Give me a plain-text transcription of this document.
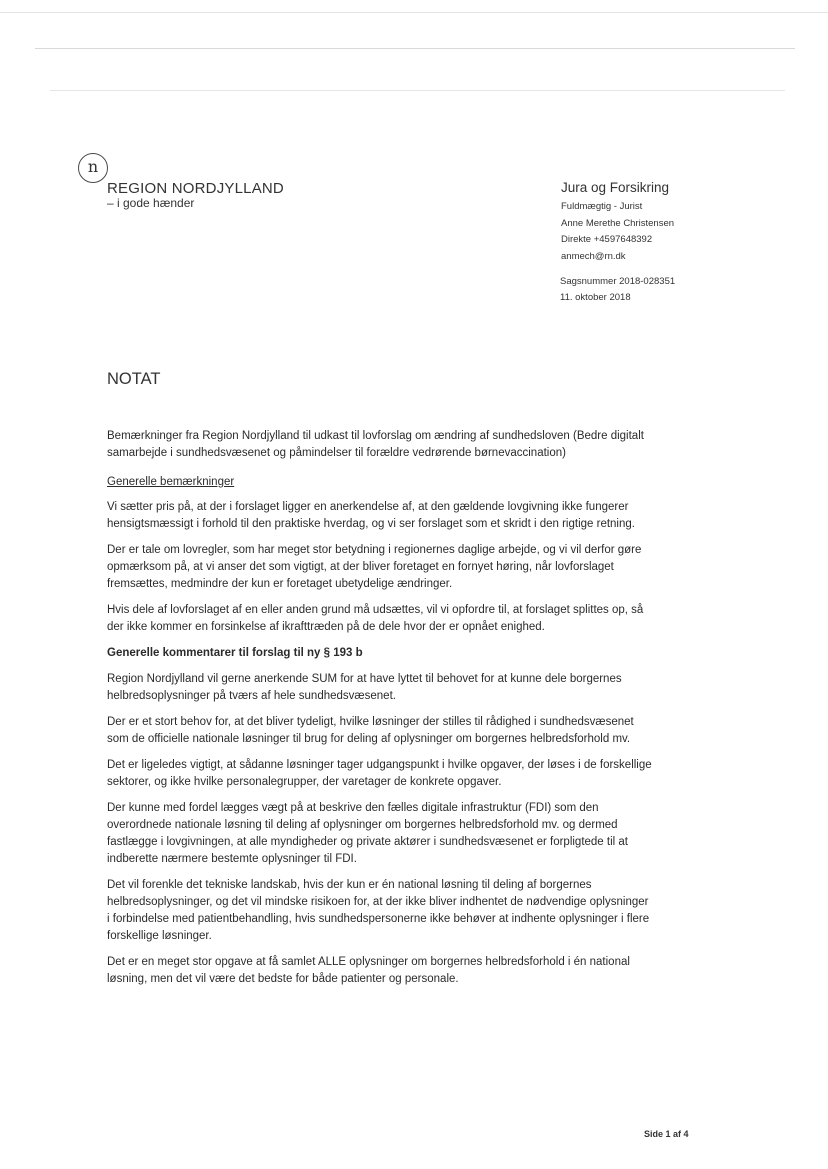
n
REGION NORDJYLLAND
– i gode hænder
Jura og Forsikring
Fuldmægtig - Jurist
Anne Merethe Christensen
Direkte +4597648392
anmech@rn.dk
Sagsnummer 2018-028351
11. oktober 2018
NOTAT

Bemærkninger fra Region Nordjylland til udkast til lovforslag om ændring af sundhedsloven (Bedre digitalt samarbejde i sundhedsvæsenet og påmindelser til forældre vedrørende børnevaccination)

Generelle bemærkninger

Vi sætter pris på, at der i forslaget ligger en anerkendelse af, at den gældende lovgivning ikke fungerer hensigtsmæssigt i forhold til den praktiske hverdag, og vi ser forslaget som et skridt i den rigtige retning.

Der er tale om lovregler, som har meget stor betydning i regionernes daglige arbejde, og vi vil derfor gøre opmærksom på, at vi anser det som vigtigt, at der bliver foretaget en fornyet høring, når lovforslaget fremsættes, medmindre der kun er foretaget ubetydelige ændringer.

Hvis dele af lovforslaget af en eller anden grund må udsættes, vil vi opfordre til, at forslaget splittes op, så der ikke kommer en forsinkelse af ikrafttræden på de dele hvor der er opnået enighed.

Generelle kommentarer til forslag til ny § 193 b

Region Nordjylland vil gerne anerkende SUM for at have lyttet til behovet for at kunne dele borgernes helbredsoplysninger på tværs af hele sundhedsvæsenet.

Der er et stort behov for, at det bliver tydeligt, hvilke løsninger der stilles til rådighed i sundhedsvæsenet som de officielle nationale løsninger til brug for deling af oplysninger om borgernes helbredsforhold mv.

Det er ligeledes vigtigt, at sådanne løsninger tager udgangspunkt i hvilke opgaver, der løses i de forskellige sektorer, og ikke hvilke personalegrupper, der varetager de konkrete opgaver.

Der kunne med fordel lægges vægt på at beskrive den fælles digitale infrastruktur (FDI) som den overordnede nationale løsning til deling af oplysninger om borgernes helbredsforhold mv. og dermed fastlægge i lovgivningen, at alle myndigheder og private aktører i sundhedsvæsenet er forpligtede til at indberette nærmere bestemte oplysninger til FDI.

Det vil forenkle det tekniske landskab, hvis der kun er én national løsning til deling af borgernes helbredsoplysninger, og det vil mindske risikoen for, at der ikke bliver indhentet de nødvendige oplysninger i forbindelse med patientbehandling, hvis sundhedspersonerne ikke behøver at indhente oplysninger i flere forskellige løsninger.

Det er en meget stor opgave at få samlet ALLE oplysninger om borgernes helbredsforhold i én national løsning, men det vil være det bedste for både patienter og personale.

Side 1 af 4
